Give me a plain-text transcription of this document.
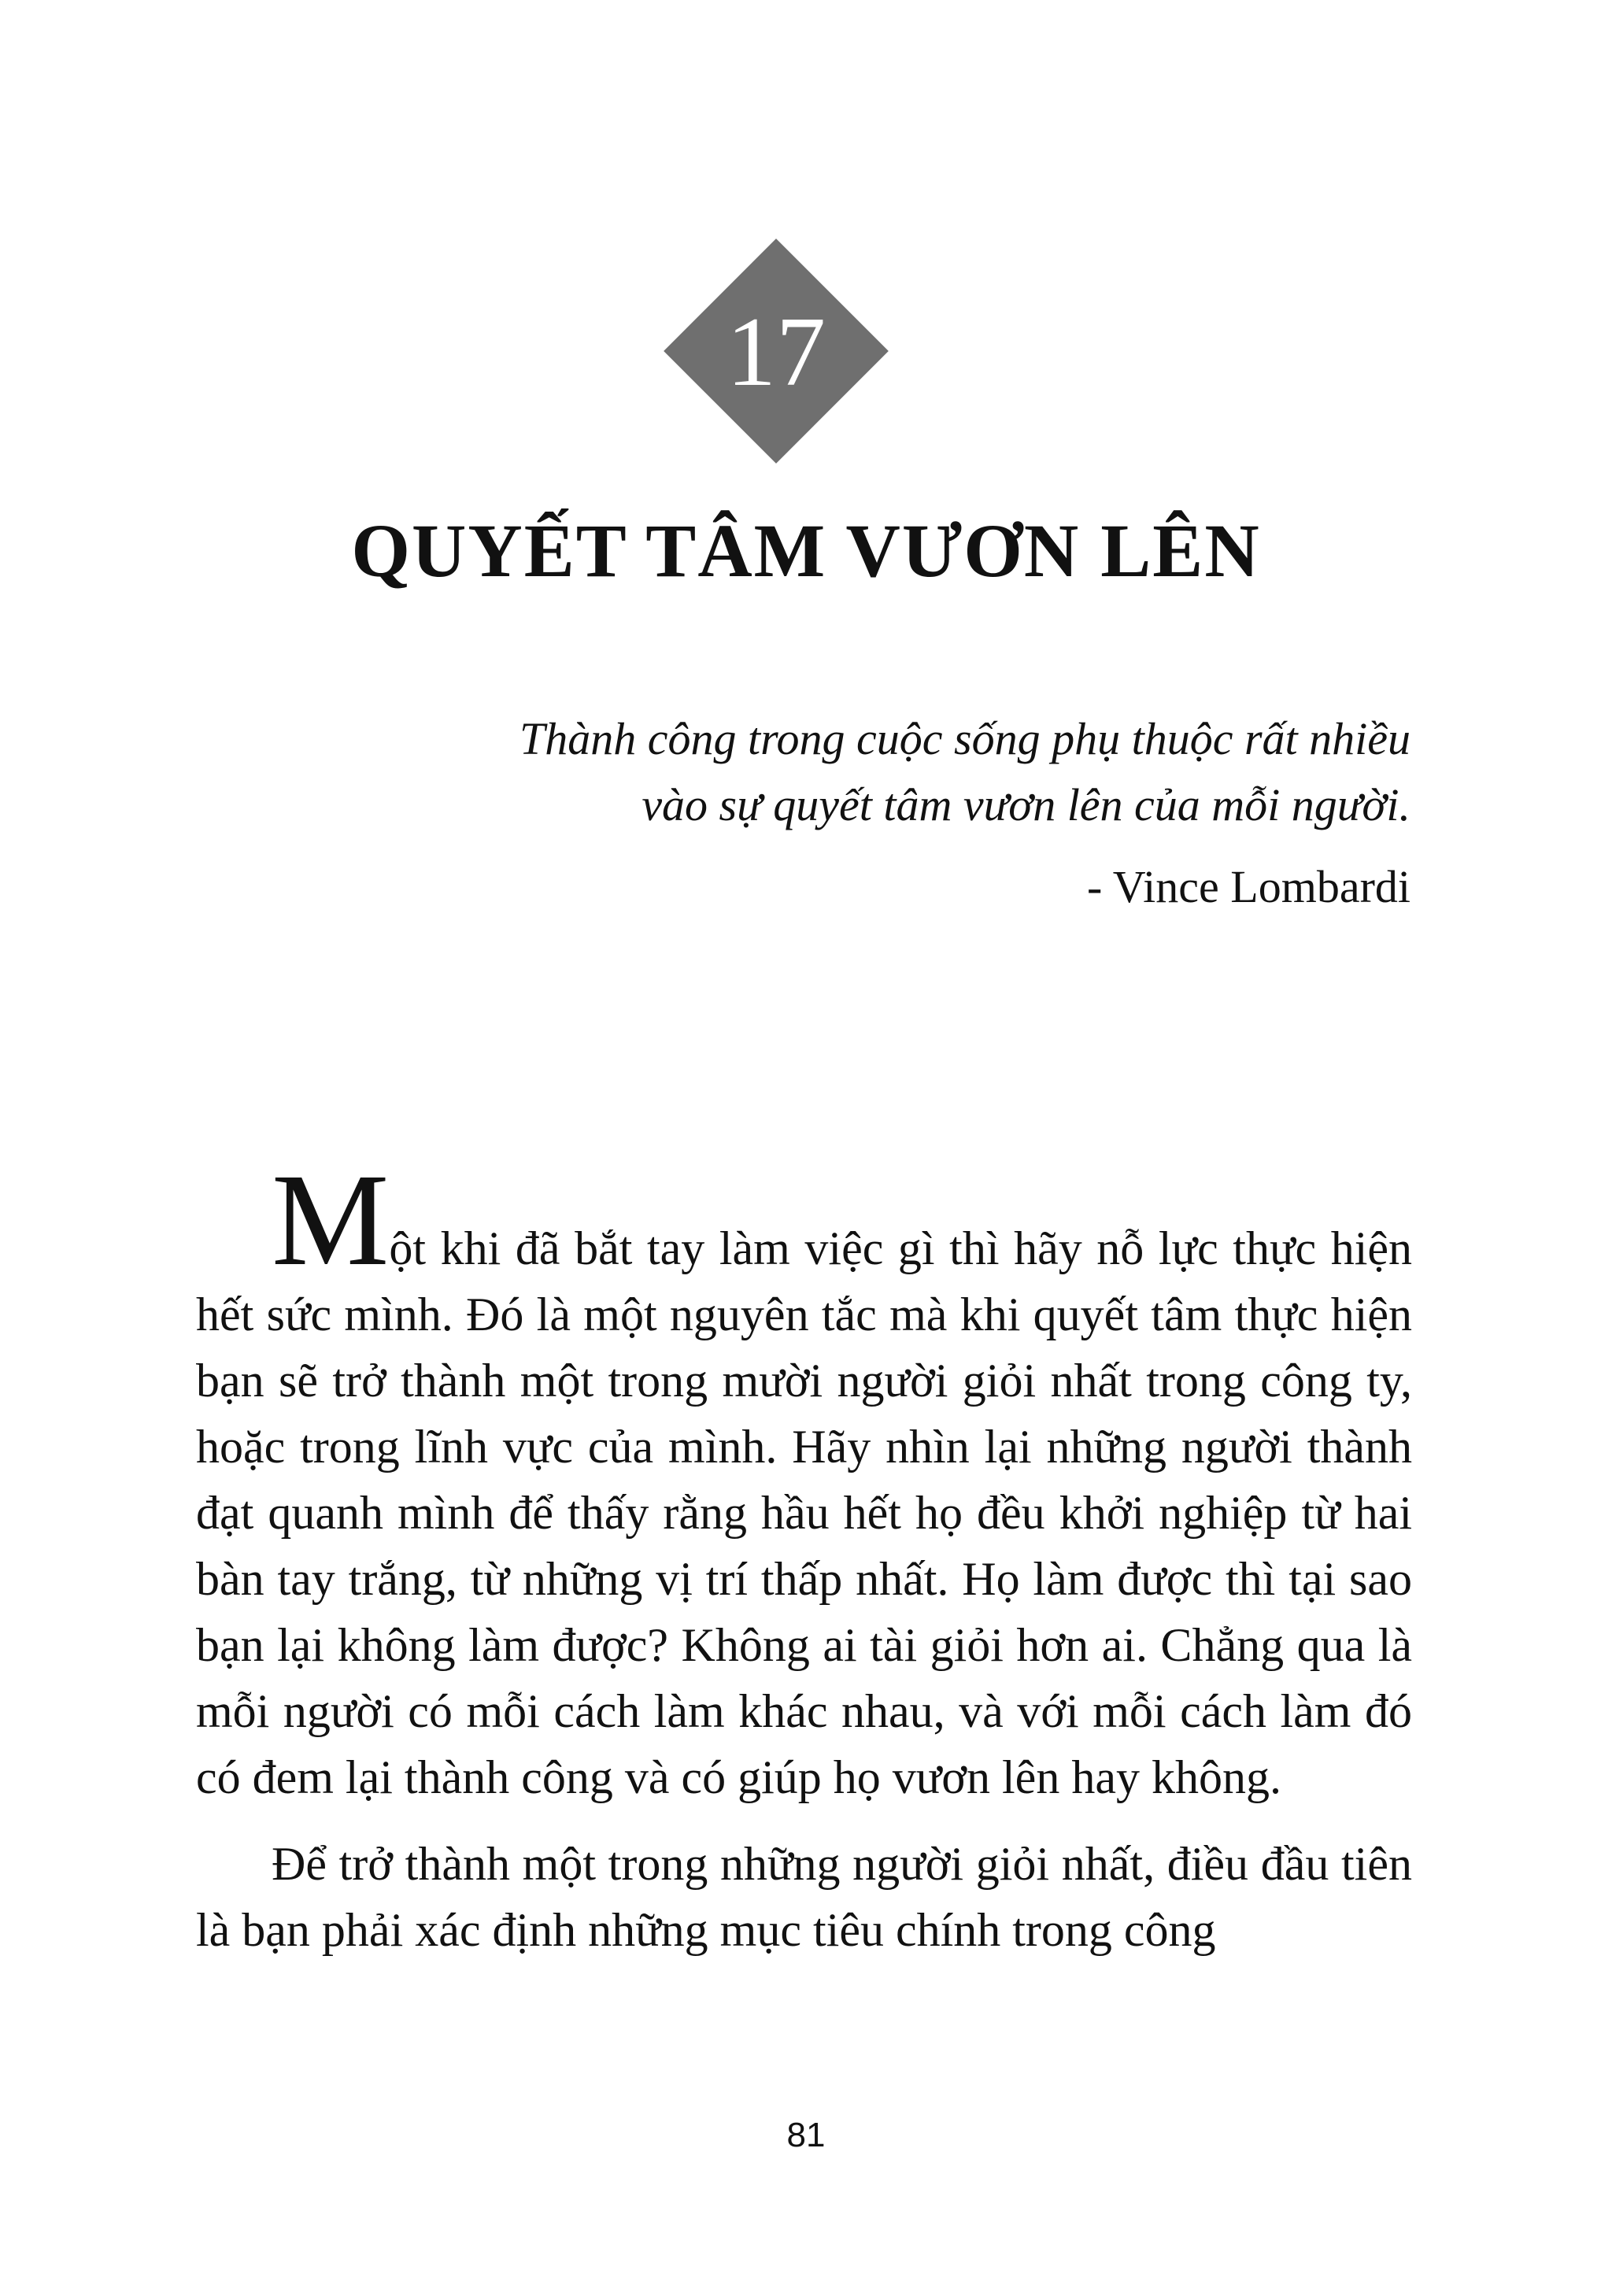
17
QUYẾT TÂM VƯƠN LÊN
Thành công trong cuộc sống phụ thuộc rất nhiều
vào sự quyết tâm vươn lên của mỗi người.
- Vince Lombardi

Một khi đã bắt tay làm việc gì thì hãy nỗ lực thực hiện hết sức mình. Đó là một nguyên tắc mà khi quyết tâm thực hiện bạn sẽ trở thành một trong mười người giỏi nhất trong công ty, hoặc trong lĩnh vực của mình. Hãy nhìn lại những người thành đạt quanh mình để thấy rằng hầu hết họ đều khởi nghiệp từ hai bàn tay trắng, từ những vị trí thấp nhất. Họ làm được thì tại sao bạn lại không làm được? Không ai tài giỏi hơn ai. Chẳng qua là mỗi người có mỗi cách làm khác nhau, và với mỗi cách làm đó có đem lại thành công và có giúp họ vươn lên hay không.

Để trở thành một trong những người giỏi nhất, điều đầu tiên là bạn phải xác định những mục tiêu chính trong công

81
